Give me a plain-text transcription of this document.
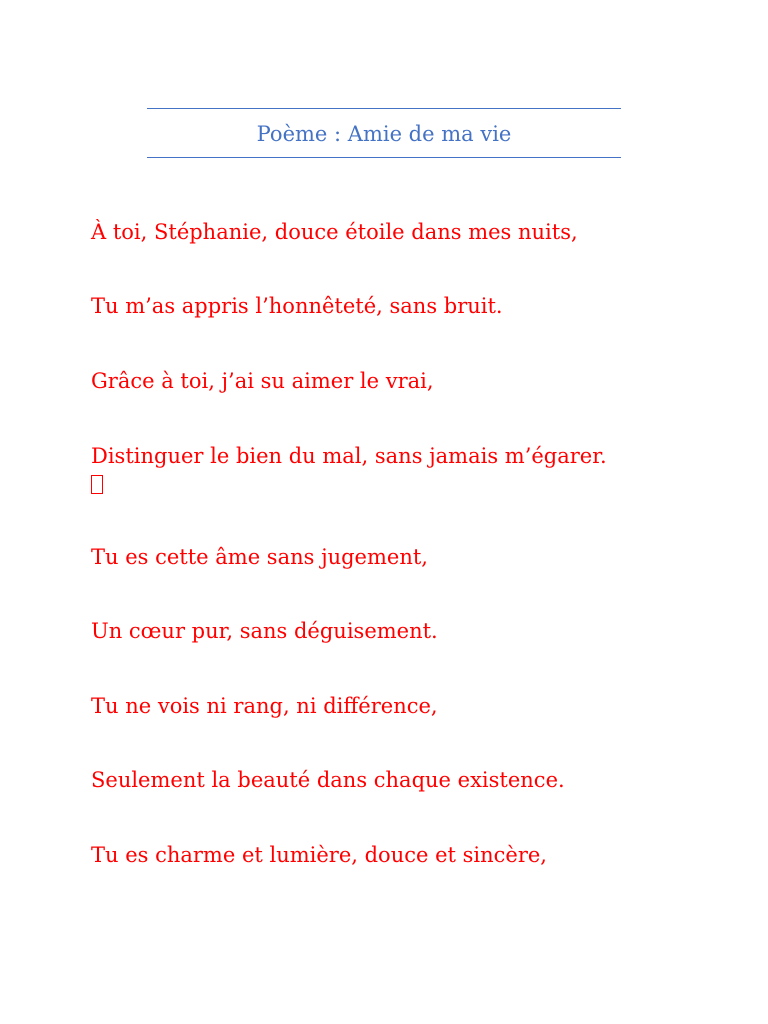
Poème : Amie de ma vie

À toi, Stéphanie, douce étoile dans mes nuits,

Tu m’as appris l’honnêteté, sans bruit.

Grâce à toi, j’ai su aimer le vrai,

Distinguer le bien du mal, sans jamais m’égarer.

Tu es cette âme sans jugement,

Un cœur pur, sans déguisement.

Tu ne vois ni rang, ni différence,

Seulement la beauté dans chaque existence.

Tu es charme et lumière, douce et sincère,
